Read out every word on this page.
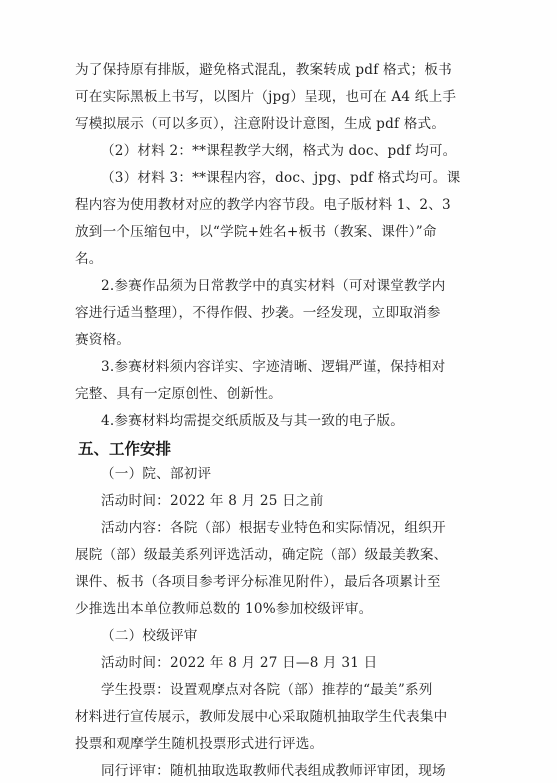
为了保持原有排版，避免格式混乱，教案转成 pdf 格式；板书
可在实际黑板上书写，以图片（jpg）呈现，也可在 A4 纸上手
写模拟展示（可以多页），注意附设计意图，生成 pdf 格式。
（2）材料 2：**课程教学大纲，格式为 doc、pdf 均可。
（3）材料 3：**课程内容，doc、jpg、pdf 格式均可。课
程内容为使用教材对应的教学内容节段。电子版材料 1、2、3
放到一个压缩包中，以“学院+姓名+板书（教案、课件）”命
名。
2.参赛作品须为日常教学中的真实材料（可对课堂教学内
容进行适当整理），不得作假、抄袭。一经发现，立即取消参
赛资格。
3.参赛材料须内容详实、字迹清晰、逻辑严谨，保持相对
完整、具有一定原创性、创新性。
4.参赛材料均需提交纸质版及与其一致的电子版。
五、工作安排
（一）院、部初评
活动时间：2022 年 8 月 25 日之前
活动内容：各院（部）根据专业特色和实际情况，组织开
展院（部）级最美系列评选活动，确定院（部）级最美教案、
课件、板书（各项目参考评分标准见附件），最后各项累计至
少推选出本单位教师总数的 10%参加校级评审。
（二）校级评审
活动时间：2022 年 8 月 27 日—8 月 31 日
学生投票：设置观摩点对各院（部）推荐的“最美”系列
材料进行宣传展示，教师发展中心采取随机抽取学生代表集中
投票和观摩学生随机投票形式进行评选。
同行评审：随机抽取选取教师代表组成教师评审团，现场
